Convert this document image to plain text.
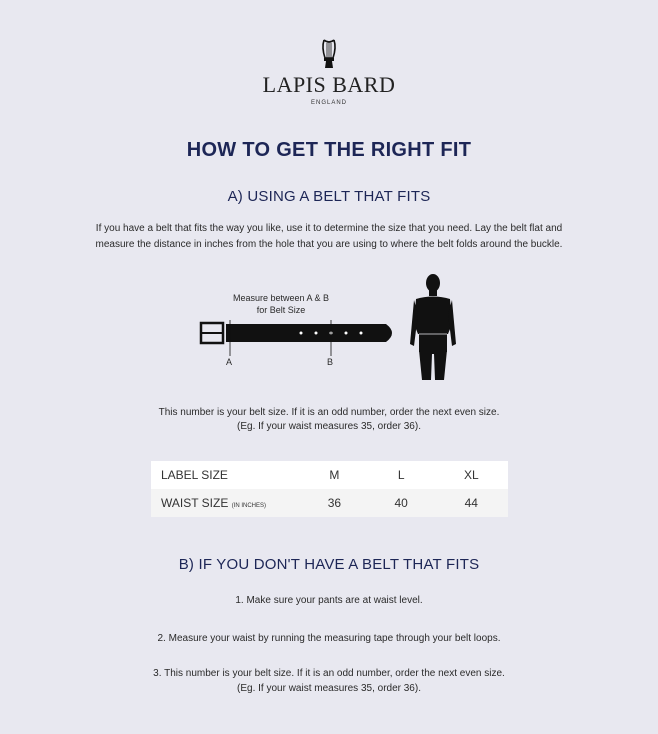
LAPIS BARD
ENGLAND
HOW TO GET THE RIGHT FIT
A) USING A BELT THAT FITS
If you have a belt that fits the way you like, use it to determine the size that you need. Lay the belt flat and
measure the distance in inches from the hole that you are using to where the belt folds around the buckle.
Measure between A & B
for Belt Size
A	B
This number is your belt size. If it is an odd number, order the next even size.
(Eg. If your waist measures 35, order 36).
LABEL SIZE	M	L	XL
WAIST SIZE (IN INCHES)	36	40	44
B) IF YOU DON'T HAVE A BELT THAT FITS
1. Make sure your pants are at waist level.
2. Measure your waist by running the measuring tape through your belt loops.
3. This number is your belt size. If it is an odd number, order the next even size.
(Eg. If your waist measures 35, order 36).
